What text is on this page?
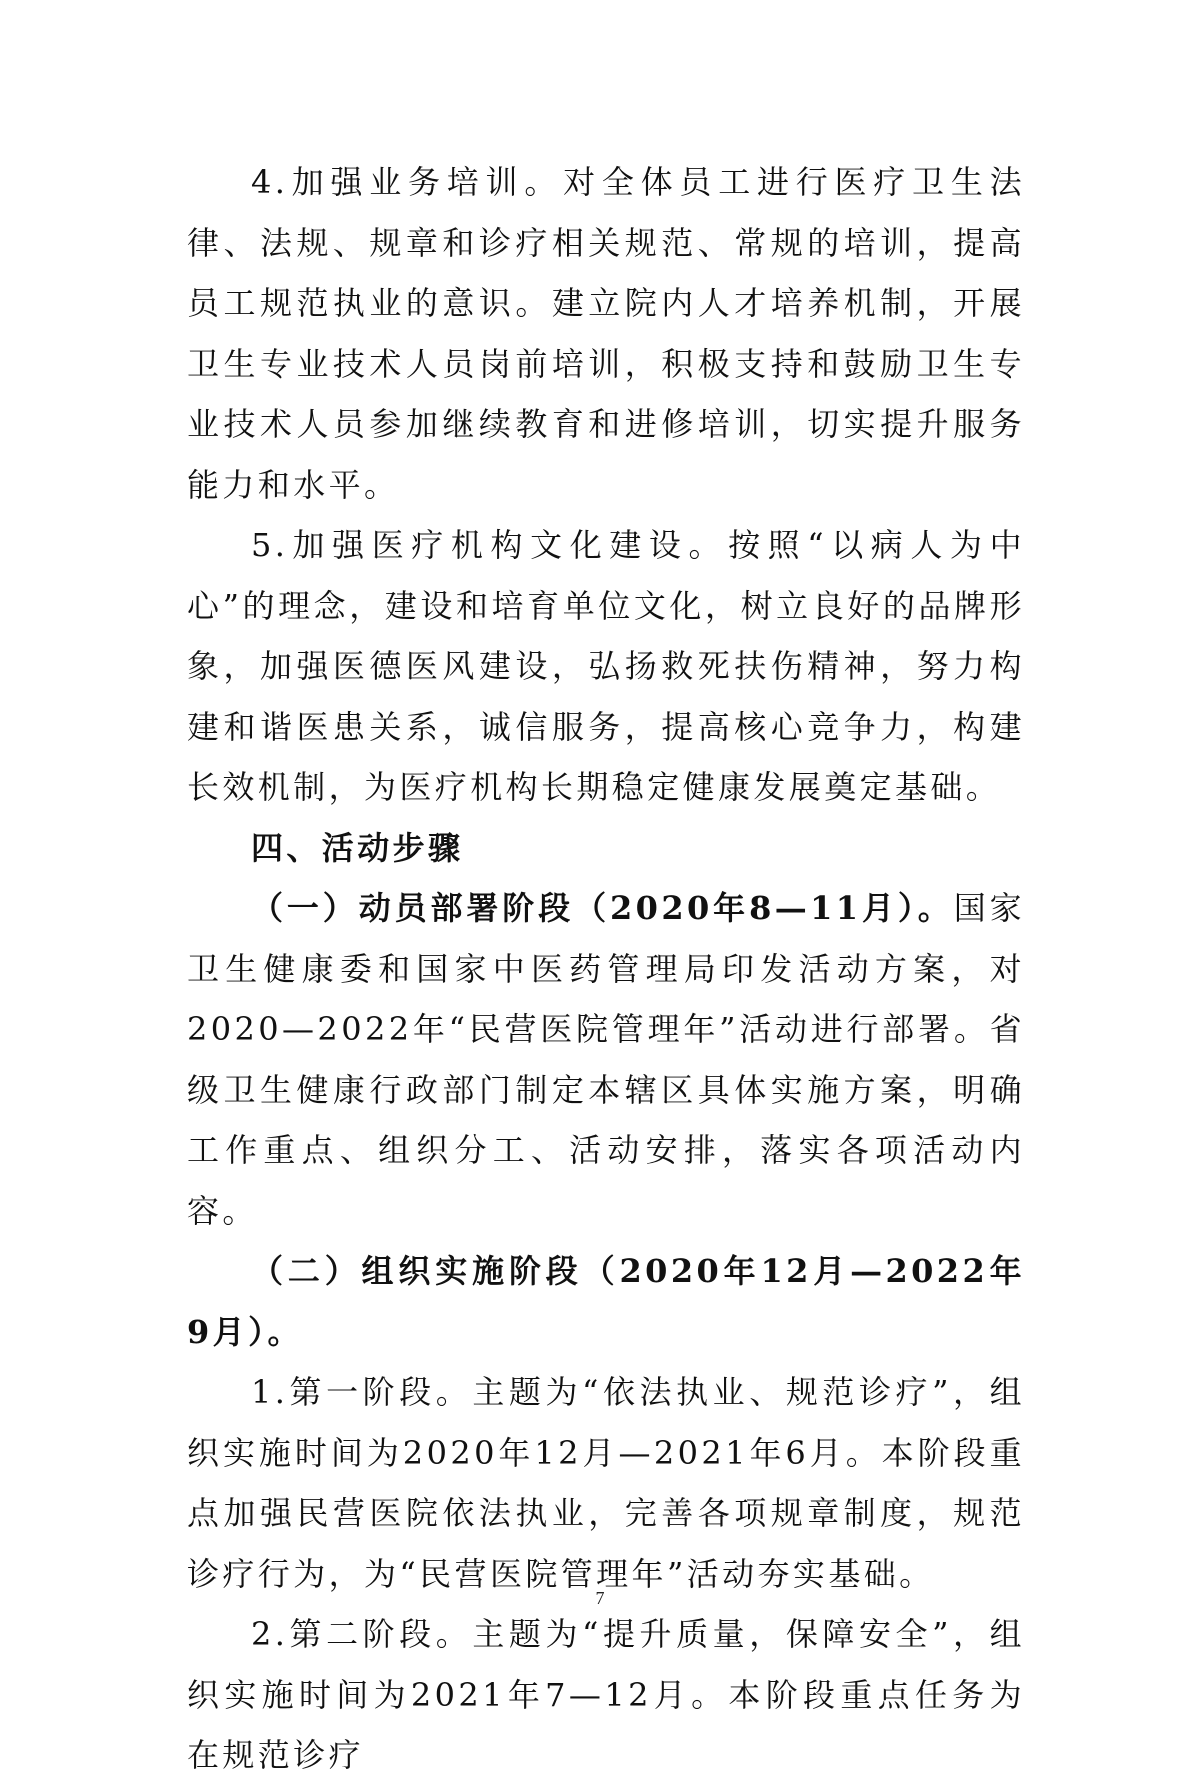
4.加强业务培训。对全体员工进行医疗卫生法律、法规、规章和诊疗相关规范、常规的培训，提高员工规范执业的意识。建立院内人才培养机制，开展卫生专业技术人员岗前培训，积极支持和鼓励卫生专业技术人员参加继续教育和进修培训，切实提升服务能力和水平。

5.加强医疗机构文化建设。按照“以病人为中心”的理念，建设和培育单位文化，树立良好的品牌形象，加强医德医风建设，弘扬救死扶伤精神，努力构建和谐医患关系，诚信服务，提高核心竞争力，构建长效机制，为医疗机构长期稳定健康发展奠定基础。

四、活动步骤

（一）动员部署阶段（2020年8—11月）。国家卫生健康委和国家中医药管理局印发活动方案，对2020—2022年“民营医院管理年”活动进行部署。省级卫生健康行政部门制定本辖区具体实施方案，明确工作重点、组织分工、活动安排，落实各项活动内容。

（二）组织实施阶段（2020年12月—2022年9月）。

1.第一阶段。主题为“依法执业、规范诊疗”，组织实施时间为2020年12月—2021年6月。本阶段重点加强民营医院依法执业，完善各项规章制度，规范诊疗行为，为“民营医院管理年”活动夯实基础。

2.第二阶段。主题为“提升质量，保障安全”，组织实施时间为2021年7—12月。本阶段重点任务为在规范诊疗

7
